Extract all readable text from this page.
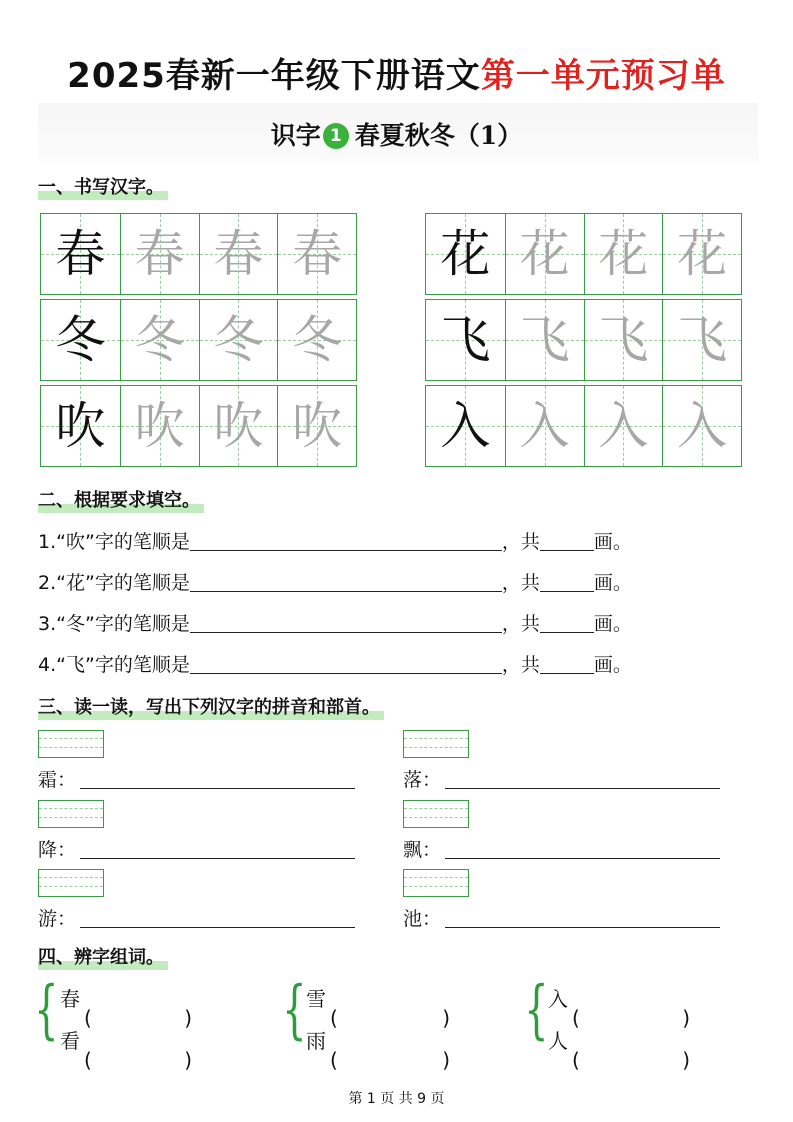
2025春新一年级下册语文第一单元预习单
识字 1 春夏秋冬（1）
一、书写汉字。
春 春 春 春
冬 冬 冬 冬
吹 吹 吹 吹
花 花 花 花
飞 飞 飞 飞
入 入 入 入
二、根据要求填空。
1.“吹”字的笔顺是	，共	画。
2.“花”字的笔顺是	，共	画。
3.“冬”字的笔顺是	，共	画。
4.“飞”字的笔顺是	，共	画。
三、读一读，写出下列汉字的拼音和部首。
霜：
降：
游：
落：
飘：
池：
四、辨字组词。
{ 春
(	)
看
(	)
{ 雪
(	)
雨
(	)
{ 入
(	)
人
(	)
第 1 页 共 9 页
